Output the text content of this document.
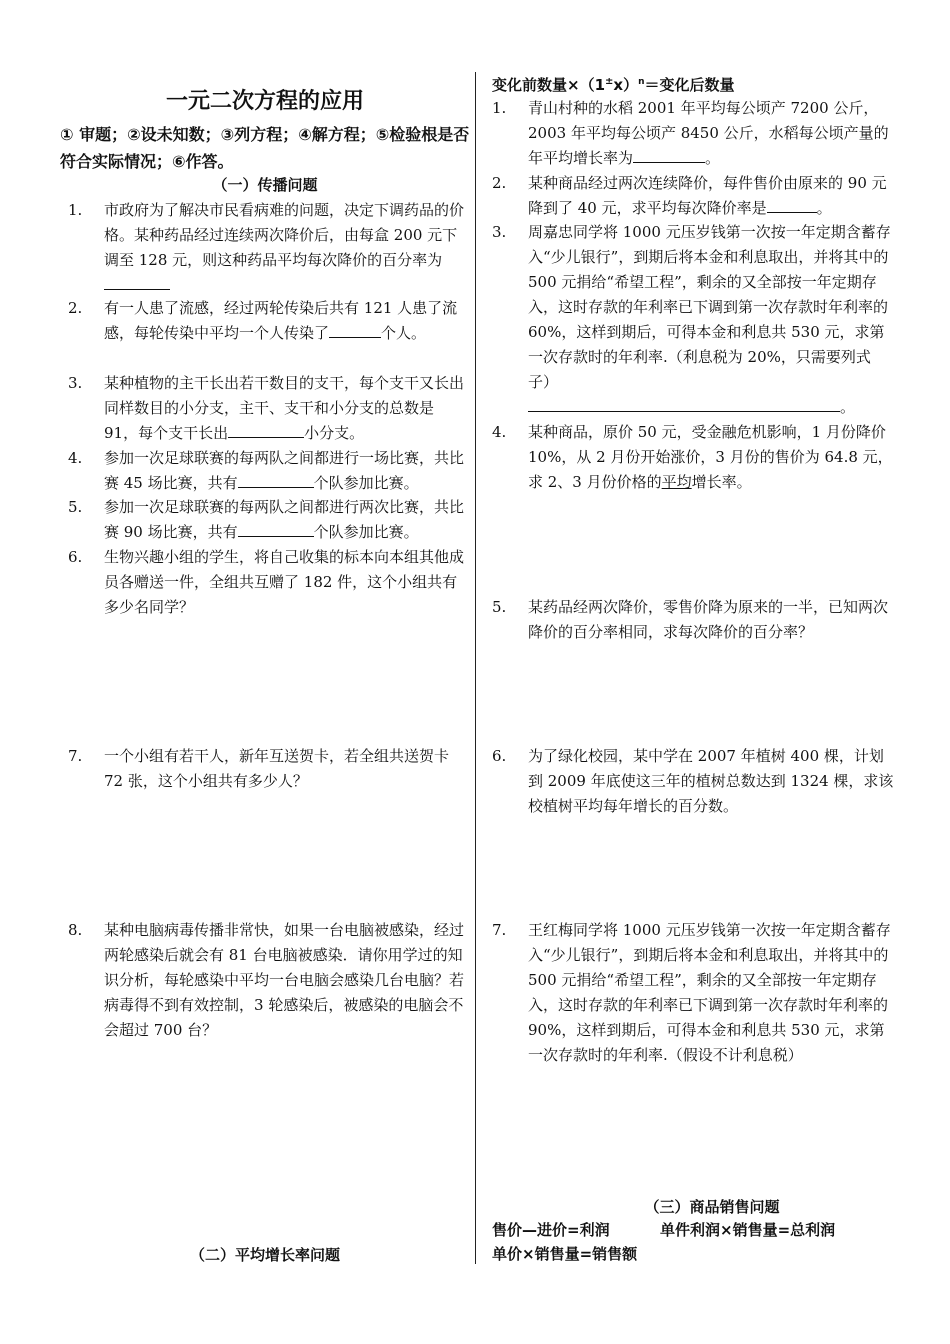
一元二次方程的应用
① 审题；②设未知数；③列方程；④解方程；⑤检验根是否符合实际情况；⑥作答。
（一）传播问题
1.	市政府为了解决市民看病难的问题，决定下调药品的价格。某种药品经过连续两次降价后，由每盒 200 元下调至 128 元，则这种药品平均每次降价的百分率为
2.	有一人患了流感，经过两轮传染后共有 121 人患了流感，每轮传染中平均一个人传染了	个人。
3.	某种植物的主干长出若干数目的支干，每个支干又长出同样数目的小分支，主干、支干和小分支的总数是 91，每个支干长出	小分支。
4.	参加一次足球联赛的每两队之间都进行一场比赛，共比赛 45 场比赛，共有	个队参加比赛。
5.	参加一次足球联赛的每两队之间都进行两次比赛，共比赛 90 场比赛，共有	个队参加比赛。
6.	生物兴趣小组的学生，将自己收集的标本向本组其他成员各赠送一件，全组共互赠了 182 件，这个小组共有多少名同学？
7.	一个小组有若干人，新年互送贺卡，若全组共送贺卡 72 张，这个小组共有多少人？
8.	某种电脑病毒传播非常快，如果一台电脑被感染，经过两轮感染后就会有 81 台电脑被感染．请你用学过的知识分析，每轮感染中平均一台电脑会感染几台电脑？若病毒得不到有效控制，3 轮感染后，被感染的电脑会不会超过 700 台？
（二）平均增长率问题
变化前数量$\times(1^\pm x)^n=$变化后数量
1.	青山村种的水稻 2001 年平均每公顷产 7200 公斤，2003 年平均每公顷产 8450 公斤，水稻每公顷产量的年平均增长率为	。
2.	某种商品经过两次连续降价，每件售价由原来的 90 元降到了 40 元，求平均每次降价率是	。
3.	周嘉忠同学将 1000 元压岁钱第一次按一年定期含蓄存入“少儿银行”，到期后将本金和利息取出，并将其中的 500 元捐给“希望工程”，剩余的又全部按一年定期存入，这时存款的年利率已下调到第一次存款时年利率的 60%，这样到期后，可得本金和利息共 530 元，求第一次存款时的年利率.（利息税为 20%，只需要列式子）
。
4.	某种商品，原价 50 元，受金融危机影响，1 月份降价 10%，从 2 月份开始涨价，3 月份的售价为 64.8 元，求 2、3 月份价格的平均增长率。
5.	某药品经两次降价，零售价降为原来的一半，已知两次降价的百分率相同，求每次降价的百分率？
6.	为了绿化校园，某中学在 2007 年植树 400 棵，计划到 2009 年底使这三年的植树总数达到 1324 棵，求该校植树平均每年增长的百分数。
7.	王红梅同学将 1000 元压岁钱第一次按一年定期含蓄存入“少儿银行”，到期后将本金和利息取出，并将其中的 500 元捐给“希望工程”，剩余的又全部按一年定期存入，这时存款的年利率已下调到第一次存款时年利率的 90%，这样到期后，可得本金和利息共 530 元，求第一次存款时的年利率.（假设不计利息税）
（三）商品销售问题
售价—进价=利润	单件利润×销售量=总利润
单价×销售量=销售额
